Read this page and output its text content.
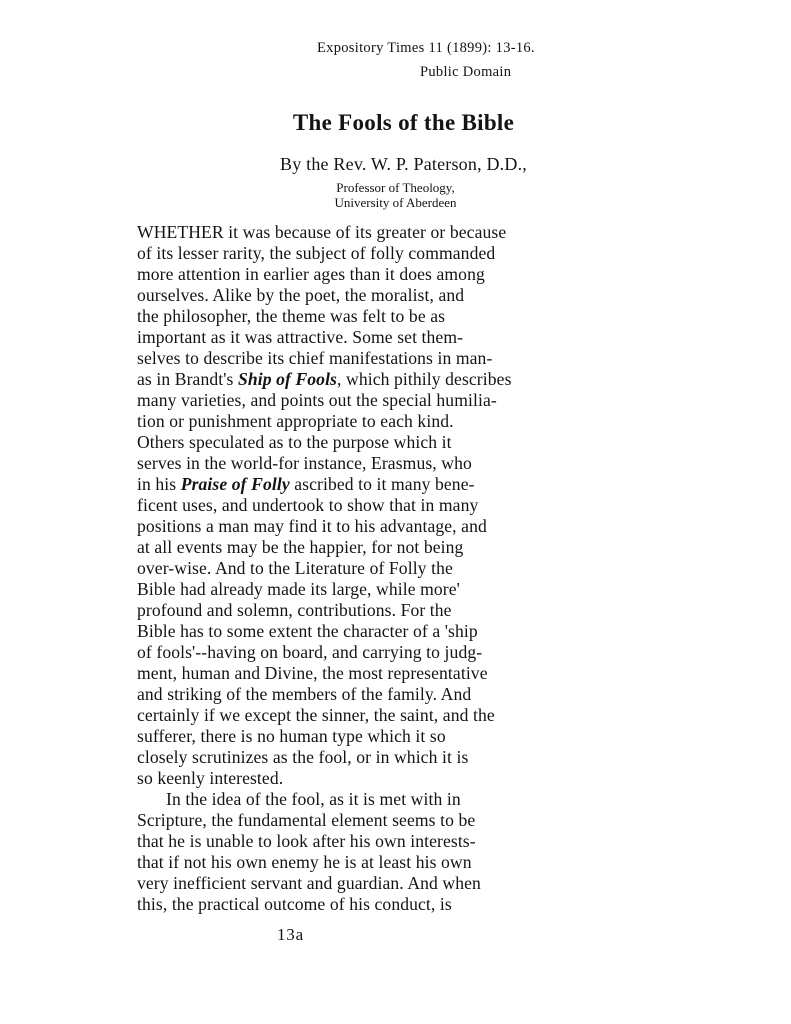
Expository Times 11 (1899): 13-16.
Public Domain
The Fools of the Bible
By the Rev. W. P. Paterson, D.D.,
Professor of Theology,
University of Aberdeen
WHETHER it was because of its greater or because
of its lesser rarity, the subject of folly commanded
more attention in earlier ages than it does among
ourselves. Alike by the poet, the moralist, and
the philosopher, the theme was felt to be as
important as it was attractive. Some set them-
selves to describe its chief manifestations in man-
as in Brandt's Ship of Fools, which pithily describes
many varieties, and points out the special humilia-
tion or punishment appropriate to each kind.
Others speculated as to the purpose which it
serves in the world-for instance, Erasmus, who
in his Praise of Folly ascribed to it many bene-
ficent uses, and undertook to show that in many
positions a man may find it to his advantage, and
at all events may be the happier, for not being
over-wise. And to the Literature of Folly the
Bible had already made its large, while more'
profound and solemn, contributions. For the
Bible has to some extent the character of a 'ship
of fools'--having on board, and carrying to judg-
ment, human and Divine, the most representative
and striking of the members of the family. And
certainly if we except the sinner, the saint, and the
sufferer, there is no human type which it so
closely scrutinizes as the fool, or in which it is
so keenly interested.
In the idea of the fool, as it is met with in
Scripture, the fundamental element seems to be
that he is unable to look after his own interests-
that if not his own enemy he is at least his own
very inefficient servant and guardian. And when
this, the practical outcome of his conduct, is
13a
